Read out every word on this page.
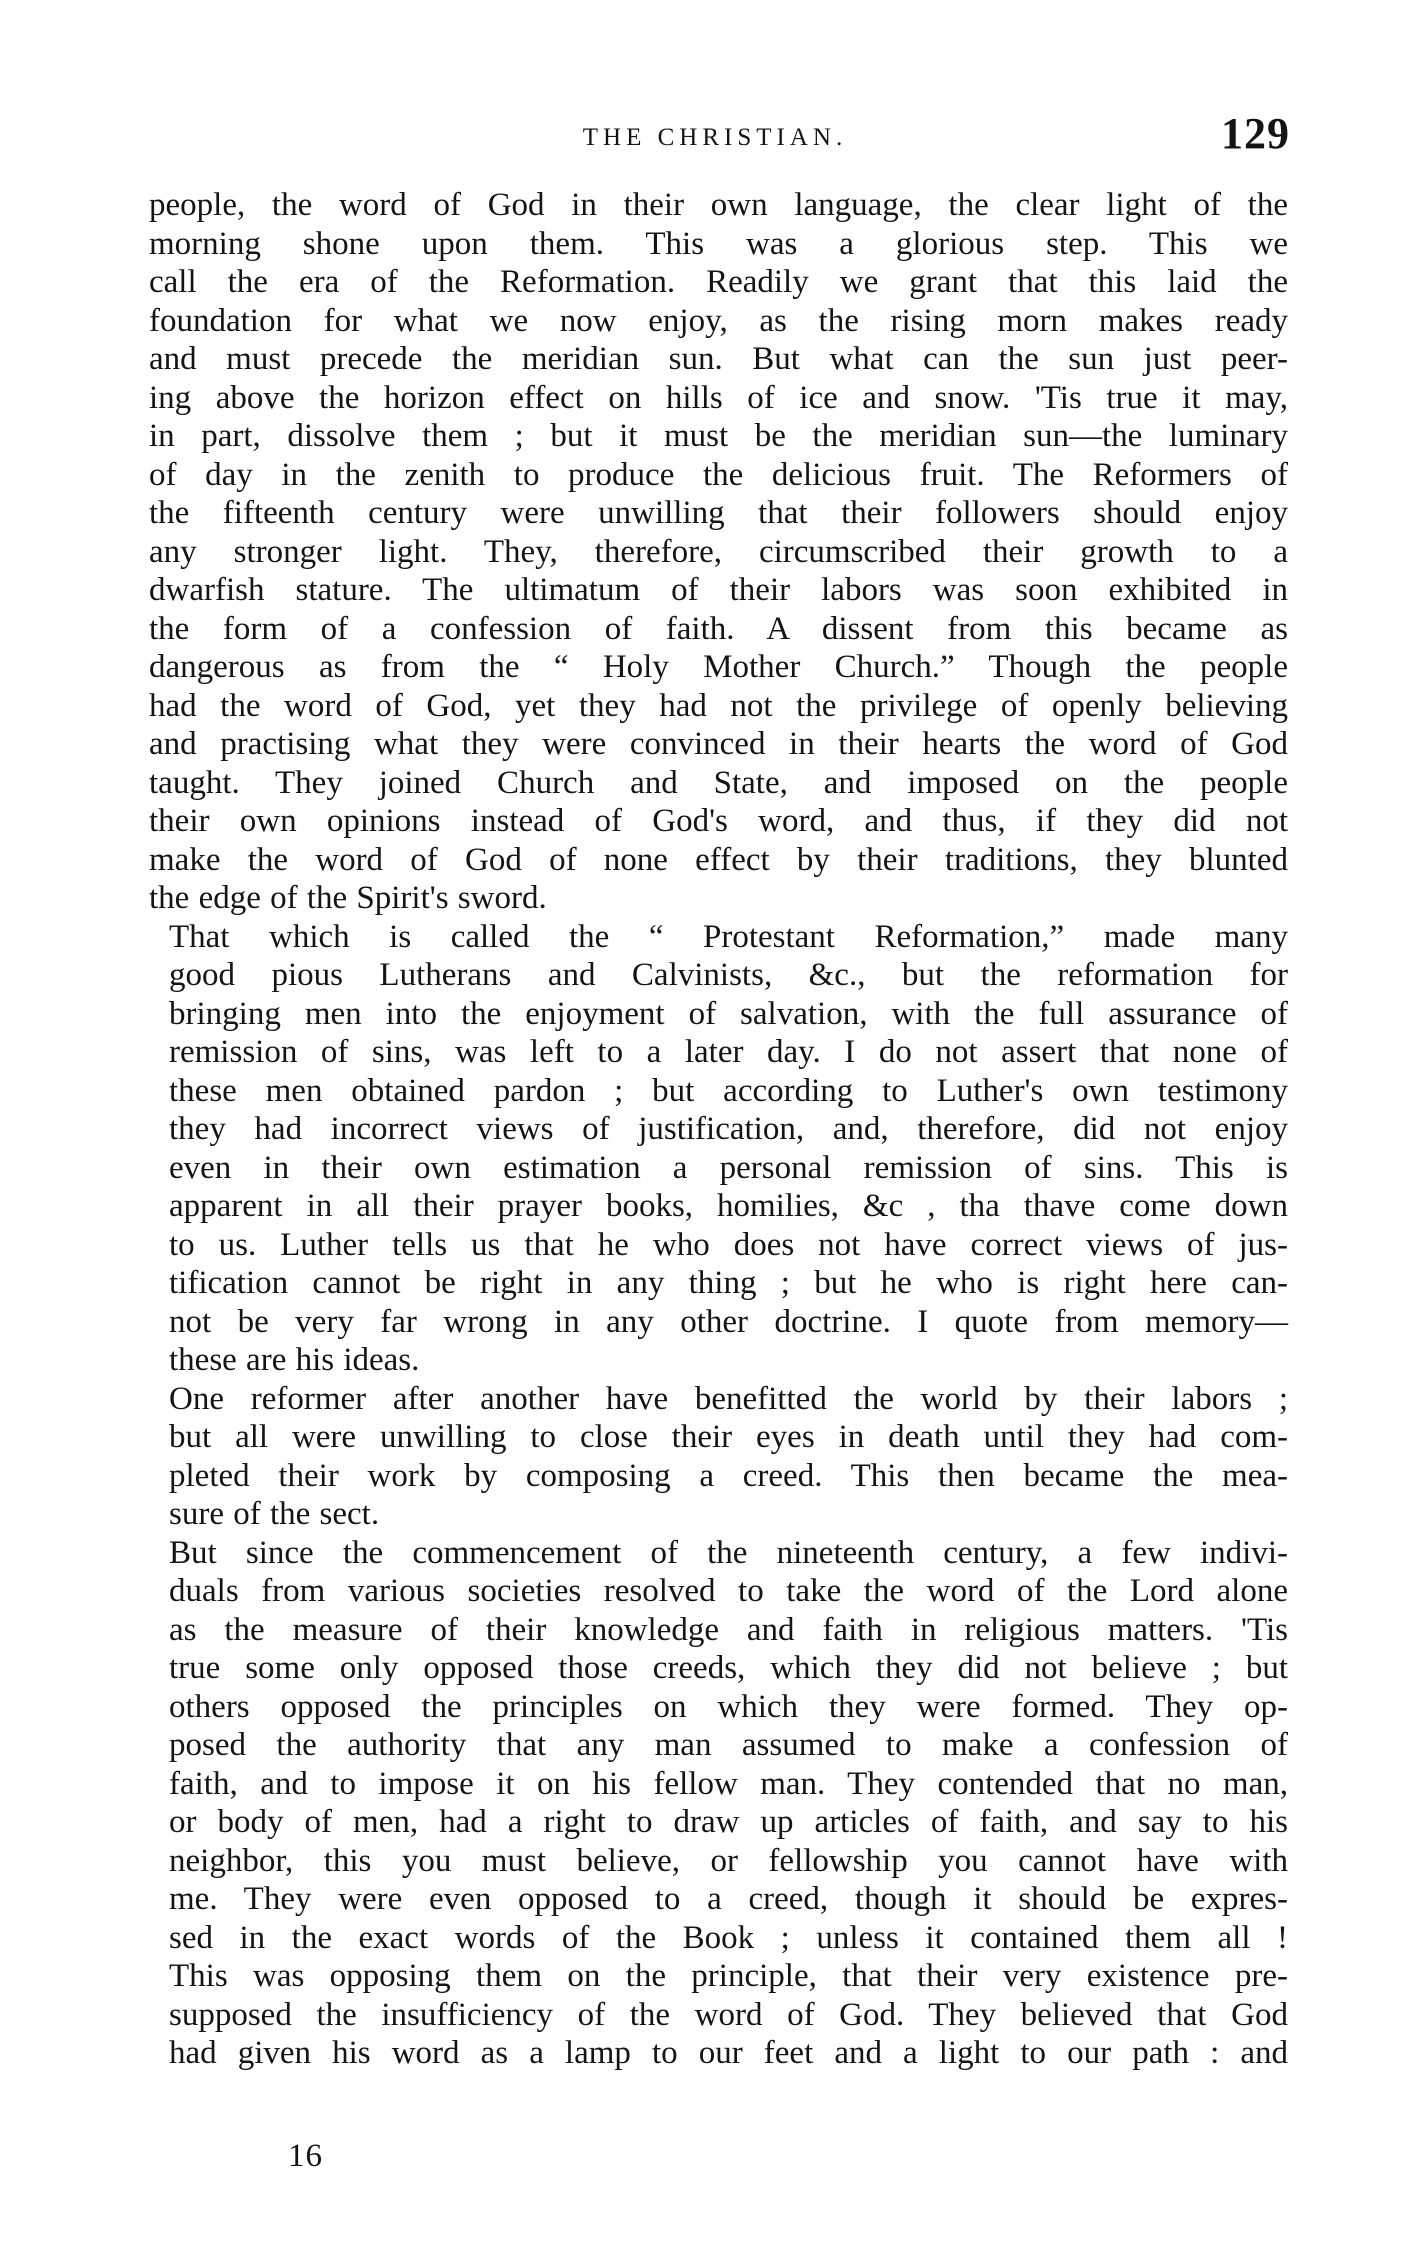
THE CHRISTIAN.	129

people, the word of God in their own language, the clear light of the
morning shone upon them. This was a glorious step. This we
call the era of the Reformation. Readily we grant that this laid the
foundation for what we now enjoy, as the rising morn makes ready
and must precede the meridian sun. But what can the sun just peer-
ing above the horizon effect on hills of ice and snow. 'Tis true it may,
in part, dissolve them ; but it must be the meridian sun—the luminary
of day in the zenith to produce the delicious fruit. The Reformers of
the fifteenth century were unwilling that their followers should enjoy
any stronger light. They, therefore, circumscribed their growth to a
dwarfish stature. The ultimatum of their labors was soon exhibited in
the form of a confession of faith. A dissent from this became as
dangerous as from the “ Holy Mother Church.” Though the people
had the word of God, yet they had not the privilege of openly believing
and practising what they were convinced in their hearts the word of God
taught. They joined Church and State, and imposed on the people
their own opinions instead of God's word, and thus, if they did not
make the word of God of none effect by their traditions, they blunted
the edge of the Spirit's sword.

That which is called the “ Protestant Reformation,” made many
good pious Lutherans and Calvinists, &c., but the reformation for
bringing men into the enjoyment of salvation, with the full assurance of
remission of sins, was left to a later day. I do not assert that none of
these men obtained pardon ; but according to Luther's own testimony
they had incorrect views of justification, and, therefore, did not enjoy
even in their own estimation a personal remission of sins. This is
apparent in all their prayer books, homilies, &c , tha thave come down
to us. Luther tells us that he who does not have correct views of jus-
tification cannot be right in any thing ; but he who is right here can-
not be very far wrong in any other doctrine. I quote from memory—
these are his ideas.

One reformer after another have benefitted the world by their labors ;
but all were unwilling to close their eyes in death until they had com-
pleted their work by composing a creed. This then became the mea-
sure of the sect.

But since the commencement of the nineteenth century, a few indivi-
duals from various societies resolved to take the word of the Lord alone
as the measure of their knowledge and faith in religious matters. 'Tis
true some only opposed those creeds, which they did not believe ; but
others opposed the principles on which they were formed. They op-
posed the authority that any man assumed to make a confession of
faith, and to impose it on his fellow man. They contended that no man,
or body of men, had a right to draw up articles of faith, and say to his
neighbor, this you must believe, or fellowship you cannot have with
me. They were even opposed to a creed, though it should be expres-
sed in the exact words of the Book ; unless it contained them all !
This was opposing them on the principle, that their very existence pre-
supposed the insufficiency of the word of God. They believed that God
had given his word as a lamp to our feet and a light to our path : and

16
